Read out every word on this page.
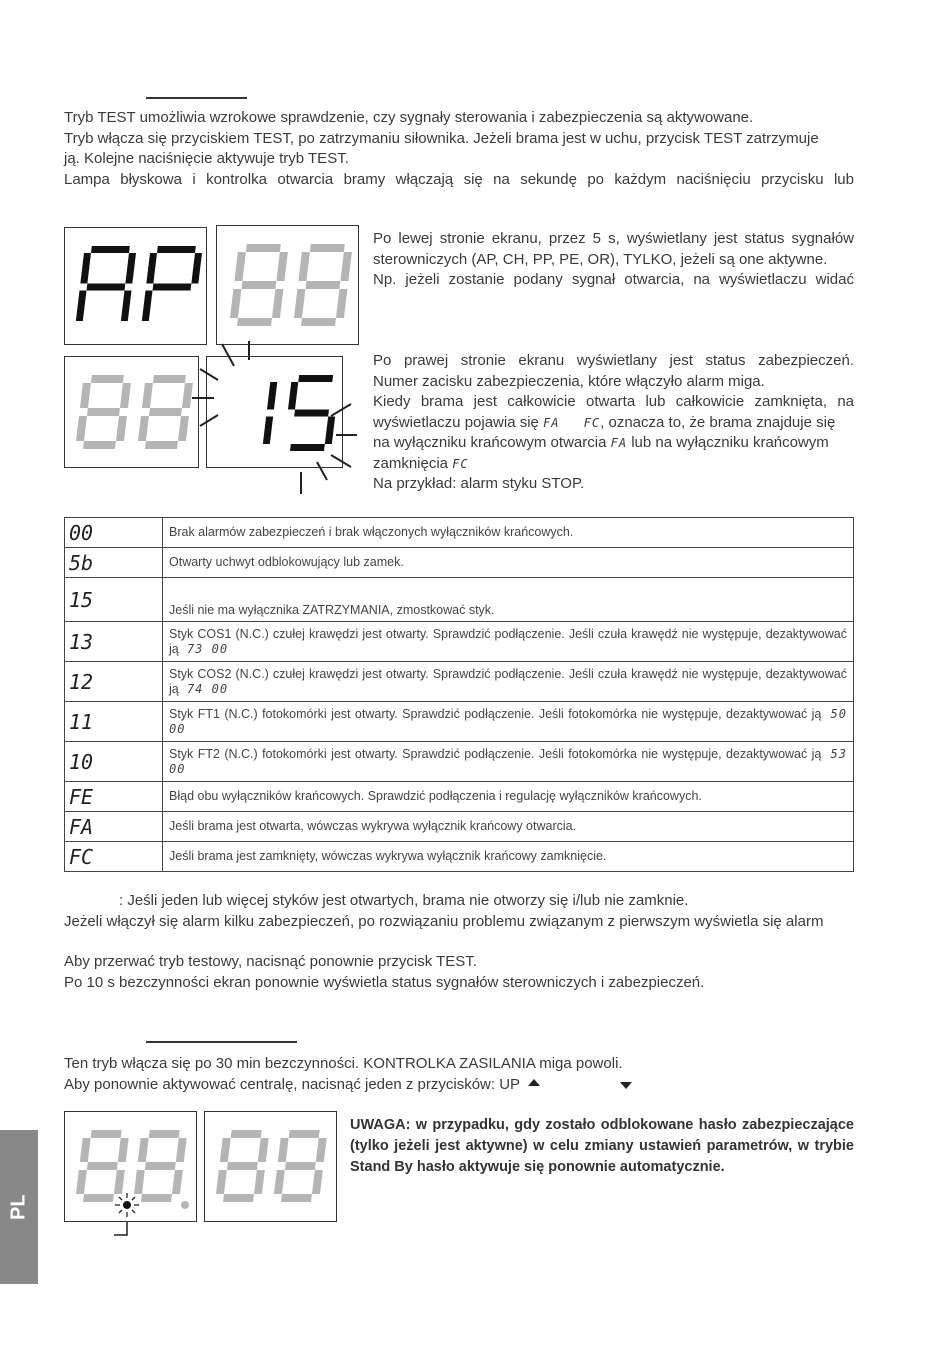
Tryb TEST umożliwia wzrokowe sprawdzenie, czy sygnały sterowania i zabezpieczenia są aktywowane.
Tryb włącza się przyciskiem TEST, po zatrzymaniu siłownika. Jeżeli brama jest w uchu, przycisk TEST zatrzymuje
ją. Kolejne naciśnięcie aktywuje tryb TEST.
Lampa błyskowa i kontrolka otwarcia bramy włączają się na sekundę po każdym naciśnięciu przycisku lub
Po lewej stronie ekranu, przez 5 s, wyświetlany jest status sygnałów
sterowniczych (AP, CH, PP, PE, OR), TYLKO, jeżeli są one aktywne.
Np. jeżeli zostanie podany sygnał otwarcia, na wyświetlaczu widać
Po prawej stronie ekranu wyświetlany jest status zabezpieczeń.
Numer zacisku zabezpieczenia, które włączyło alarm miga.
Kiedy brama jest całkowicie otwarta lub całkowicie zamknięta, na
wyświetlaczu pojawia się FA FC, oznacza to, że brama znajduje się
na wyłączniku krańcowym otwarcia FA lub na wyłączniku krańcowym
zamknięcia FC
Na przykład: alarm styku STOP.
00	Brak alarmów zabezpieczeń i brak włączonych wyłączników krańcowych.
5b	Otwarty uchwyt odblokowujący lub zamek.
15	Jeśli nie ma wyłącznika ZATRZYMANIA, zmostkować styk.
13	Styk COS1 (N.C.) czułej krawędzi jest otwarty. Sprawdzić podłączenie. Jeśli czuła krawędź nie występuje, dezaktywować ją 73 00
12	Styk COS2 (N.C.) czułej krawędzi jest otwarty. Sprawdzić podłączenie. Jeśli czuła krawędź nie występuje, dezaktywować ją 74 00
11	Styk FT1 (N.C.) fotokomórki jest otwarty. Sprawdzić podłączenie. Jeśli fotokomórka nie występuje, dezaktywować ją 50 00
10	Styk FT2 (N.C.) fotokomórki jest otwarty. Sprawdzić podłączenie. Jeśli fotokomórka nie występuje, dezaktywować ją 53 00
FE	Błąd obu wyłączników krańcowych. Sprawdzić podłączenia i regulację wyłączników krańcowych.
FA	Jeśli brama jest otwarta, wówczas wykrywa wyłącznik krańcowy otwarcia.
FC	Jeśli brama jest zamknięty, wówczas wykrywa wyłącznik krańcowy zamknięcie.
: Jeśli jeden lub więcej styków jest otwartych, brama nie otworzy się i/lub nie zamknie.
Jeżeli włączył się alarm kilku zabezpieczeń, po rozwiązaniu problemu związanym z pierwszym wyświetla się alarm
Aby przerwać tryb testowy, nacisnąć ponownie przycisk TEST.
Po 10 s bezczynności ekran ponownie wyświetla status sygnałów sterowniczych i zabezpieczeń.
Ten tryb włącza się po 30 min bezczynności. KONTROLKA ZASILANIA miga powoli.
Aby ponownie aktywować centralę, nacisnąć jeden z przycisków: UP
UWAGA: w przypadku, gdy zostało odblokowane hasło zabezpieczające (tylko jeżeli jest aktywne) w celu zmiany ustawień parametrów, w trybie Stand By hasło aktywuje się ponownie automatycznie.
PL
